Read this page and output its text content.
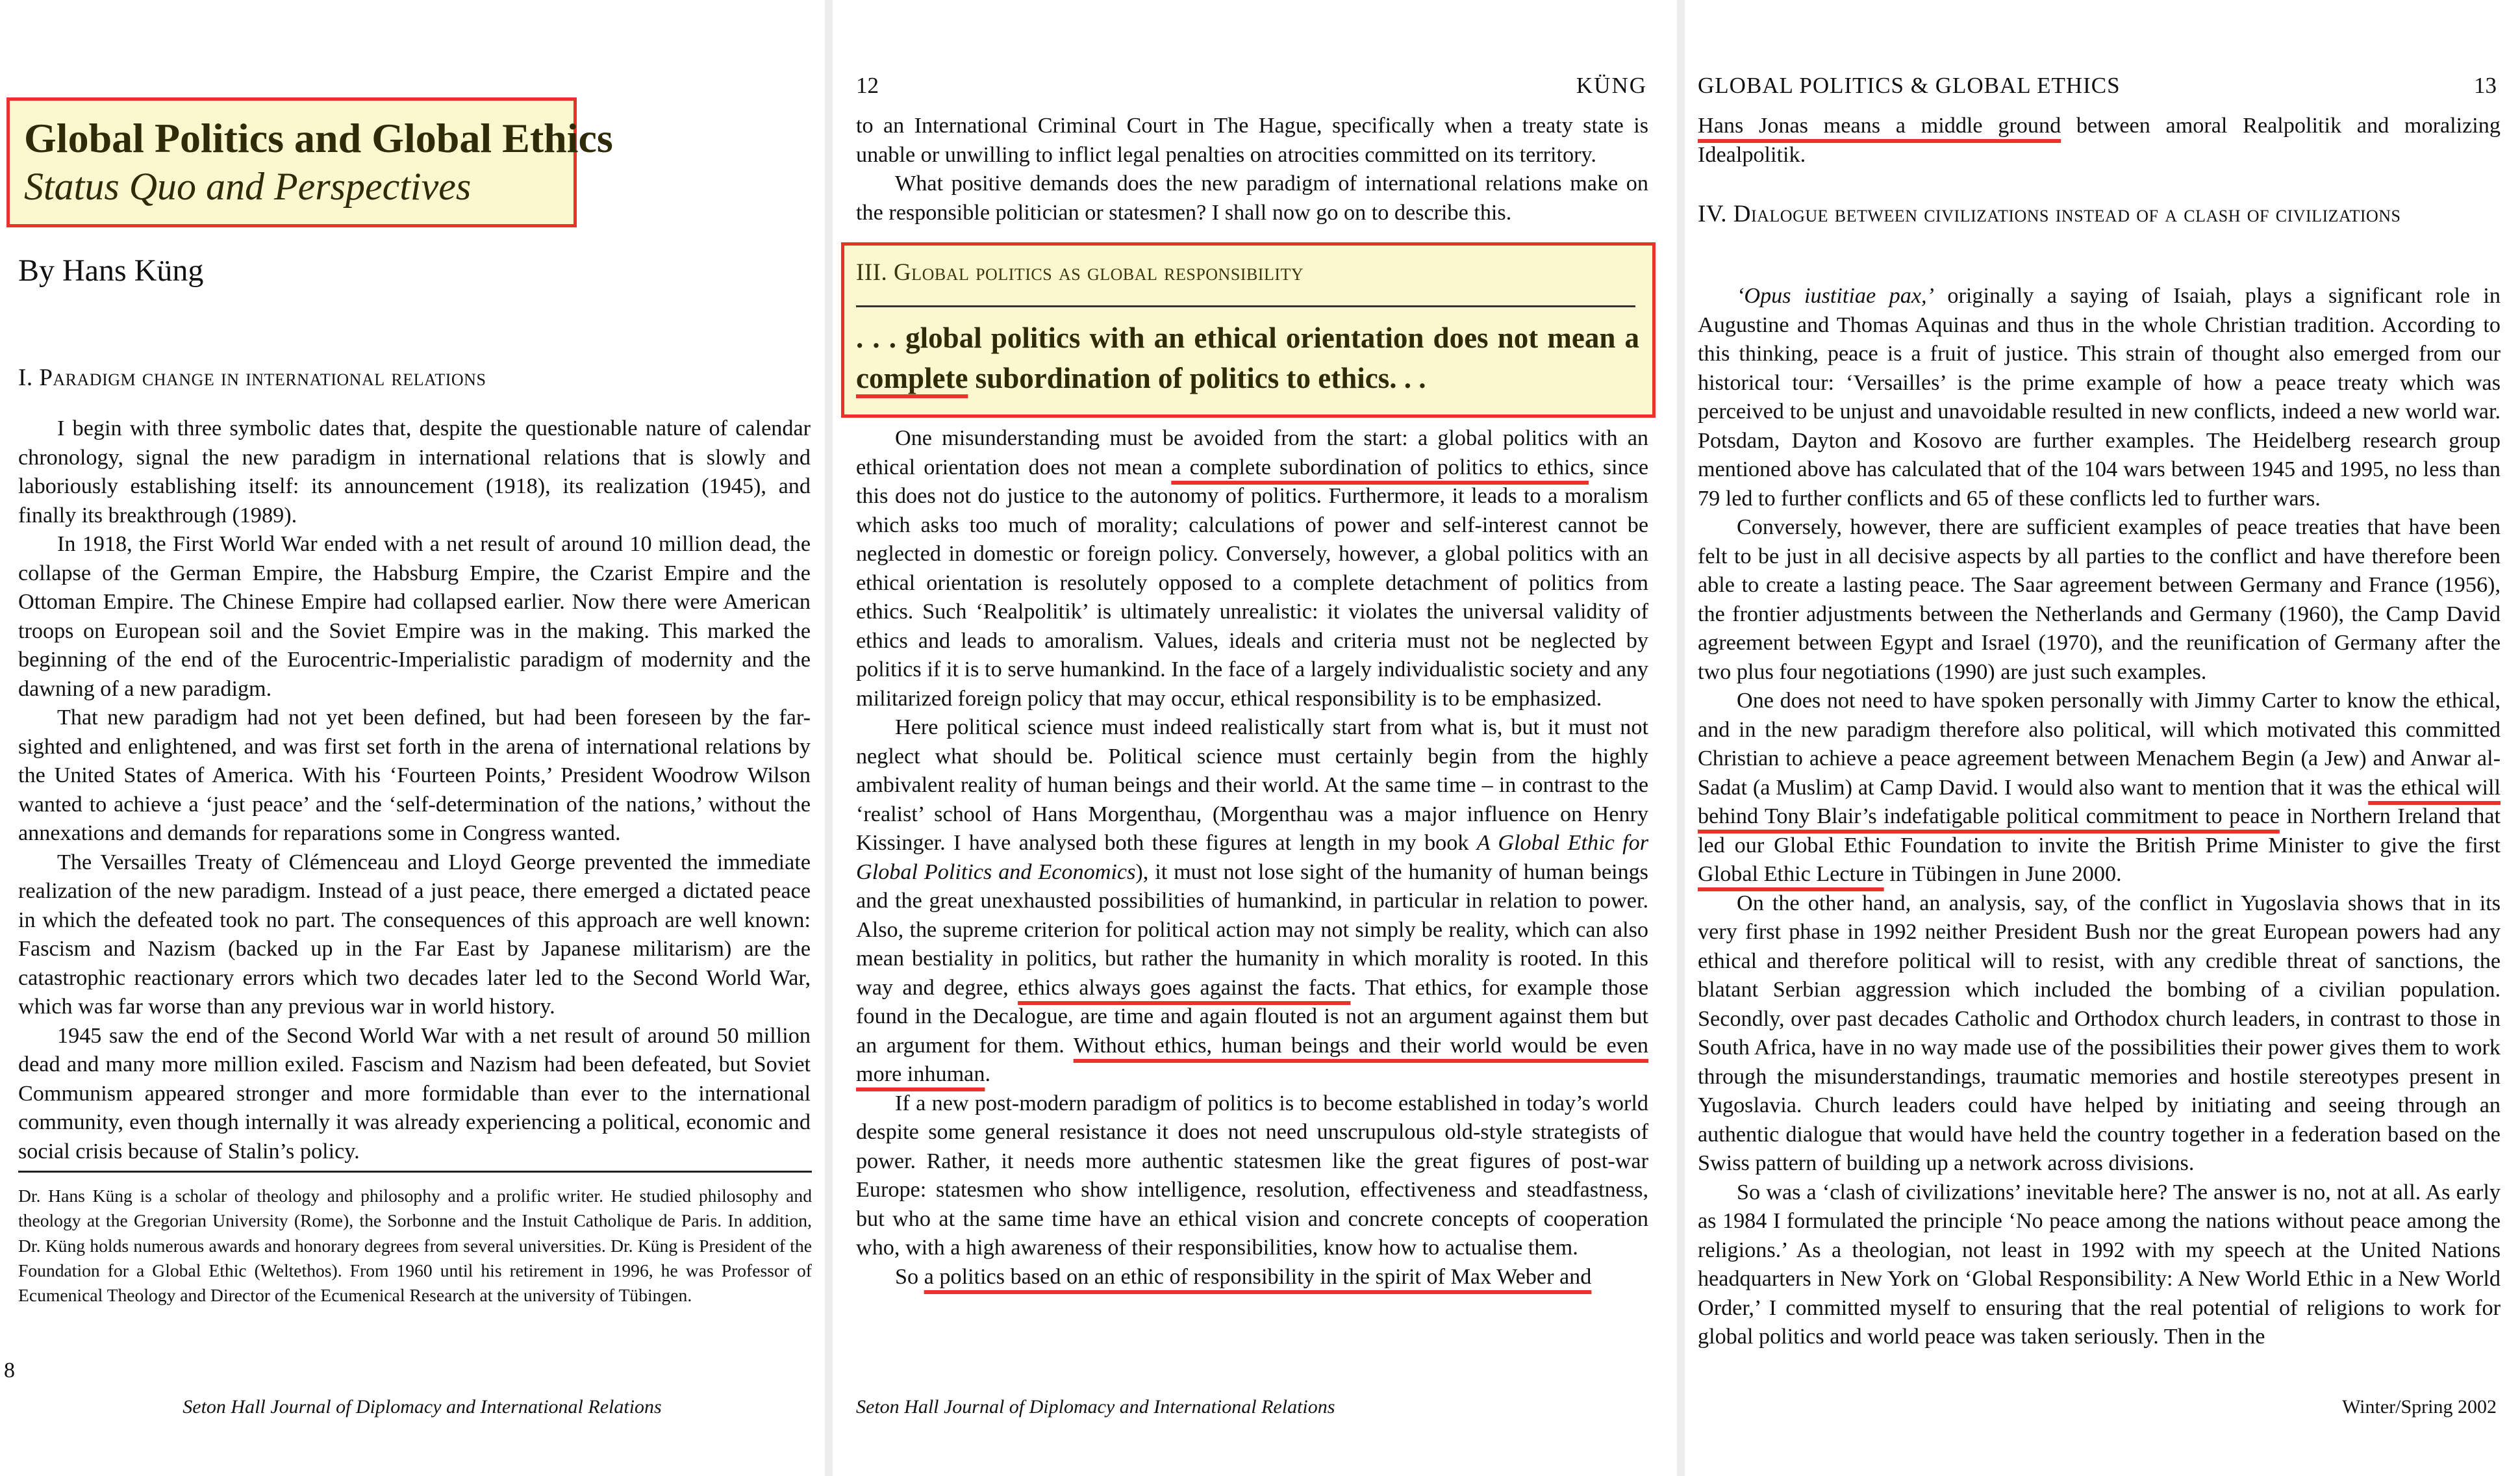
Global Politics and Global Ethics

Status Quo and Perspectives

By Hans Küng

I. Paradigm change in international relations

I begin with three symbolic dates that, despite the questionable nature of calendar chronology, signal the new paradigm in international relations that is slowly and laboriously establishing itself: its announcement (1918), its realization (1945), and finally its breakthrough (1989).

In 1918, the First World War ended with a net result of around 10 million dead, the collapse of the German Empire, the Habsburg Empire, the Czarist Empire and the Ottoman Empire. The Chinese Empire had collapsed earlier. Now there were American troops on European soil and the Soviet Empire was in the making. This marked the beginning of the end of the Eurocentric-Imperialistic paradigm of modernity and the dawning of a new paradigm.

That new paradigm had not yet been defined, but had been foreseen by the far-sighted and enlightened, and was first set forth in the arena of international relations by the United States of America. With his ‘Fourteen Points,’ President Woodrow Wilson wanted to achieve a ‘just peace’ and the ‘self-determination of the nations,’ without the annexations and demands for reparations some in Congress wanted.

The Versailles Treaty of Clémenceau and Lloyd George prevented the immediate realization of the new paradigm. Instead of a just peace, there emerged a dictated peace in which the defeated took no part. The consequences of this approach are well known: Fascism and Nazism (backed up in the Far East by Japanese militarism) are the catastrophic reactionary errors which two decades later led to the Second World War, which was far worse than any previous war in world history.

1945 saw the end of the Second World War with a net result of around 50 million dead and many more million exiled. Fascism and Nazism had been defeated, but Soviet Communism appeared stronger and more formidable than ever to the international community, even though internally it was already experiencing a political, economic and social crisis because of Stalin’s policy.

Dr. Hans Küng is a scholar of theology and philosophy and a prolific writer. He studied philosophy and theology at the Gregorian University (Rome), the Sorbonne and the Instuit Catholique de Paris. In addition, Dr. Küng holds numerous awards and honorary degrees from several universities. Dr. Küng is President of the Foundation for a Global Ethic (Weltethos). From 1960 until his retirement in 1996, he was Professor of Ecumenical Theology and Director of the Ecumenical Research at the university of Tübingen.

8

Seton Hall Journal of Diplomacy and International Relations

12	KÜNG

to an International Criminal Court in The Hague, specifically when a treaty state is unable or unwilling to inflict legal penalties on atrocities committed on its territory.

What positive demands does the new paradigm of international relations make on the responsible politician or statesmen? I shall now go on to describe this.

III. Global politics as global responsibility

. . . global politics with an ethical orientation does not mean a complete subordination of politics to ethics. . .

One misunderstanding must be avoided from the start: a global politics with an ethical orientation does not mean a complete subordination of politics to ethics, since this does not do justice to the autonomy of politics. Furthermore, it leads to a moralism which asks too much of morality; calculations of power and self-interest cannot be neglected in domestic or foreign policy. Conversely, however, a global politics with an ethical orientation is resolutely opposed to a complete detachment of politics from ethics. Such ‘Realpolitik’ is ultimately unrealistic: it violates the universal validity of ethics and leads to amoralism. Values, ideals and criteria must not be neglected by politics if it is to serve humankind. In the face of a largely individualistic society and any militarized foreign policy that may occur, ethical responsibility is to be emphasized.

Here political science must indeed realistically start from what is, but it must not neglect what should be. Political science must certainly begin from the highly ambivalent reality of human beings and their world. At the same time – in contrast to the ‘realist’ school of Hans Morgenthau, (Morgenthau was a major influence on Henry Kissinger. I have analysed both these figures at length in my book A Global Ethic for Global Politics and Economics), it must not lose sight of the humanity of human beings and the great unexhausted possibilities of humankind, in particular in relation to power. Also, the supreme criterion for political action may not simply be reality, which can also mean bestiality in politics, but rather the humanity in which morality is rooted. In this way and degree, ethics always goes against the facts. That ethics, for example those found in the Decalogue, are time and again flouted is not an argument against them but an argument for them. Without ethics, human beings and their world would be even more inhuman.

If a new post-modern paradigm of politics is to become established in today’s world despite some general resistance it does not need unscrupulous old-style strategists of power. Rather, it needs more authentic statesmen like the great figures of post-war Europe: statesmen who show intelligence, resolution, effectiveness and steadfastness, but who at the same time have an ethical vision and concrete concepts of cooperation who, with a high awareness of their responsibilities, know how to actualise them.

So a politics based on an ethic of responsibility in the spirit of Max Weber and

Seton Hall Journal of Diplomacy and International Relations

GLOBAL POLITICS & GLOBAL ETHICS	13

Hans Jonas means a middle ground between amoral Realpolitik and moralizing Idealpolitik.

IV. Dialogue between civilizations instead of a clash of civilizations

‘Opus iustitiae pax,’ originally a saying of Isaiah, plays a significant role in Augustine and Thomas Aquinas and thus in the whole Christian tradition. According to this thinking, peace is a fruit of justice. This strain of thought also emerged from our historical tour: ‘Versailles’ is the prime example of how a peace treaty which was perceived to be unjust and unavoidable resulted in new conflicts, indeed a new world war. Potsdam, Dayton and Kosovo are further examples. The Heidelberg research group mentioned above has calculated that of the 104 wars between 1945 and 1995, no less than 79 led to further conflicts and 65 of these conflicts led to further wars.

Conversely, however, there are sufficient examples of peace treaties that have been felt to be just in all decisive aspects by all parties to the conflict and have therefore been able to create a lasting peace. The Saar agreement between Germany and France (1956), the frontier adjustments between the Netherlands and Germany (1960), the Camp David agreement between Egypt and Israel (1970), and the reunification of Germany after the two plus four negotiations (1990) are just such examples.

One does not need to have spoken personally with Jimmy Carter to know the ethical, and in the new paradigm therefore also political, will which motivated this committed Christian to achieve a peace agreement between Menachem Begin (a Jew) and Anwar al-Sadat (a Muslim) at Camp David. I would also want to mention that it was the ethical will behind Tony Blair’s indefatigable political commitment to peace in Northern Ireland that led our Global Ethic Foundation to invite the British Prime Minister to give the first Global Ethic Lecture in Tübingen in June 2000.

On the other hand, an analysis, say, of the conflict in Yugoslavia shows that in its very first phase in 1992 neither President Bush nor the great European powers had any ethical and therefore political will to resist, with any credible threat of sanctions, the blatant Serbian aggression which included the bombing of a civilian population. Secondly, over past decades Catholic and Orthodox church leaders, in contrast to those in South Africa, have in no way made use of the possibilities their power gives them to work through the misunderstandings, traumatic memories and hostile stereotypes present in Yugoslavia. Church leaders could have helped by initiating and seeing through an authentic dialogue that would have held the country together in a federation based on the Swiss pattern of building up a network across divisions.

So was a ‘clash of civilizations’ inevitable here? The answer is no, not at all. As early as 1984 I formulated the principle ‘No peace among the nations without peace among the religions.’ As a theologian, not least in 1992 with my speech at the United Nations headquarters in New York on ‘Global Responsibility: A New World Ethic in a New World Order,’ I committed myself to ensuring that the real potential of religions to work for global politics and world peace was taken seriously. Then in the

Winter/Spring 2002
